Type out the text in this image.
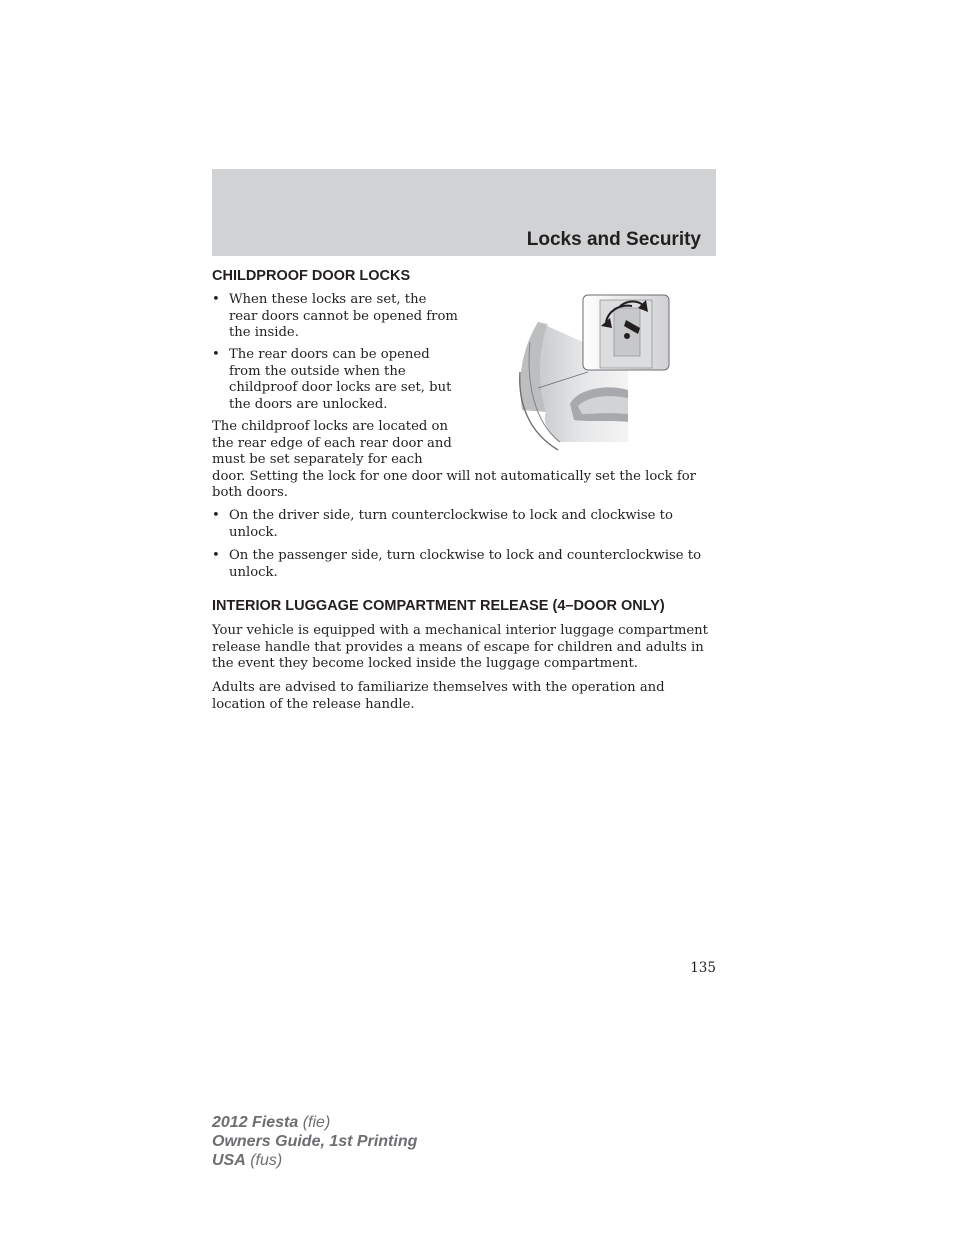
Locks and Security
CHILDPROOF DOOR LOCKS
• When these locks are set, the
rear doors cannot be opened from
the inside.
• The rear doors can be opened
from the outside when the
childproof door locks are set, but
the doors are unlocked.
The childproof locks are located on
the rear edge of each rear door and
must be set separately for each
door. Setting the lock for one door will not automatically set the lock for
both doors.
• On the driver side, turn counterclockwise to lock and clockwise to
unlock.
• On the passenger side, turn clockwise to lock and counterclockwise to
unlock.
INTERIOR LUGGAGE COMPARTMENT RELEASE (4–DOOR ONLY)
Your vehicle is equipped with a mechanical interior luggage compartment
release handle that provides a means of escape for children and adults in
the event they become locked inside the luggage compartment.
Adults are advised to familiarize themselves with the operation and
location of the release handle.
135
2012 Fiesta (fie)
Owners Guide, 1st Printing
USA (fus)
